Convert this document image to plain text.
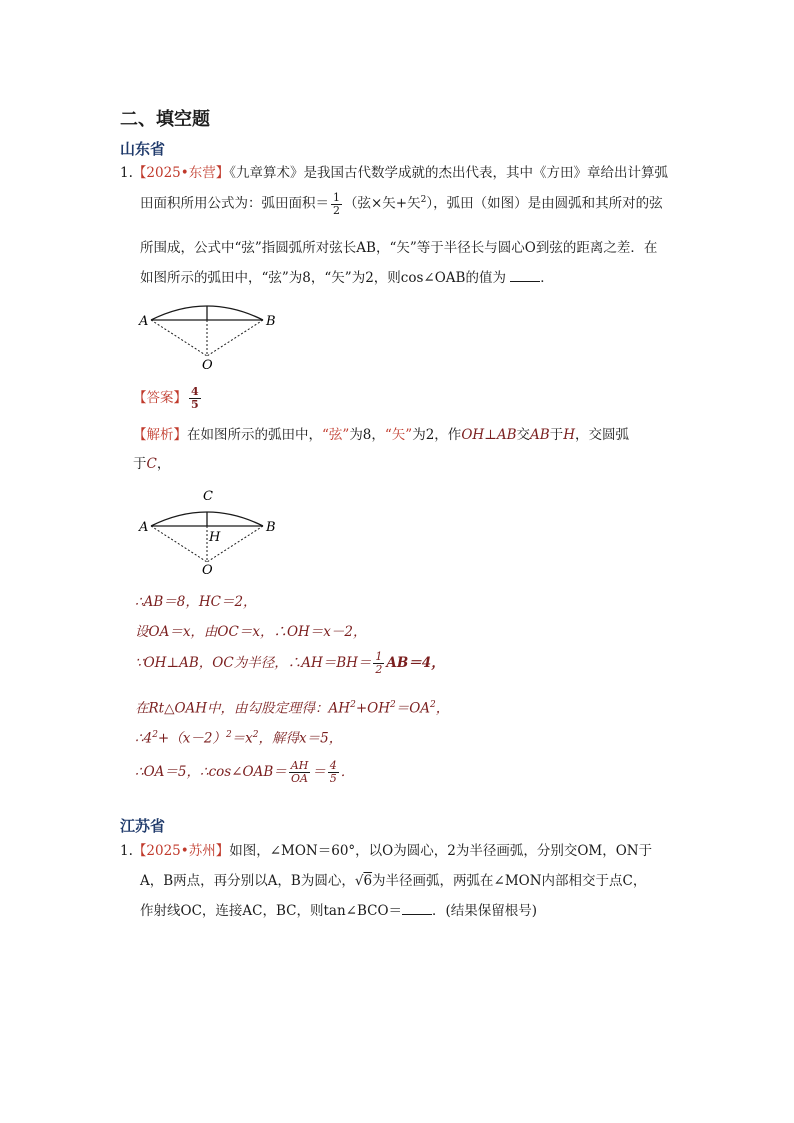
二、填空题
山东省
1.【2025•东营】《九章算术》是我国古代数学成就的杰出代表，其中《方田》章给出计算弧
田面积所用公式为：弧田面积＝ $\frac{1}{2}$ （弦×矢+矢$^2$），弧田（如图）是由圆弧和其所对的弦
所围成，公式中“弦”指圆弧所对弦长AB，“矢”等于半径长与圆心O到弦的距离之差．在
如图所示的弧田中，“弦”为8，“矢”为2，则cos∠OAB的值为	．
A	B
O
【答案】 $\frac{4}{5}$
【解析】在如图所示的弧田中，“弦”为8，“矢”为2，作OH⊥AB交AB于H，交圆弧
于C，
C
A	B
H
O
∴AB＝8，HC＝2，
设OA＝x，由OC＝x，∴OH＝x－2，
∵OH⊥AB，OC为半径，∴AH＝BH＝ $\frac{1}{2} AB=4$，
在Rt△OAH中，由勾股定理得：$AH^2+OH^2=OA^2$，
$\therefore 4^2+(x-2)^2=x^2$，解得x＝5，
∴OA＝5，∴cos∠OAB＝ $\frac{AH}{OA} = \frac{4}{5}$ ．
江苏省
1.【2025•苏州】如图，∠MON＝60°，以O为圆心，2为半径画弧，分别交OM，ON于
A，B两点，再分别以A，B为圆心，√6为半径画弧，两弧在∠MON内部相交于点C，
作射线OC，连接AC，BC，则tan∠BCO＝ ．(结果保留根号)
